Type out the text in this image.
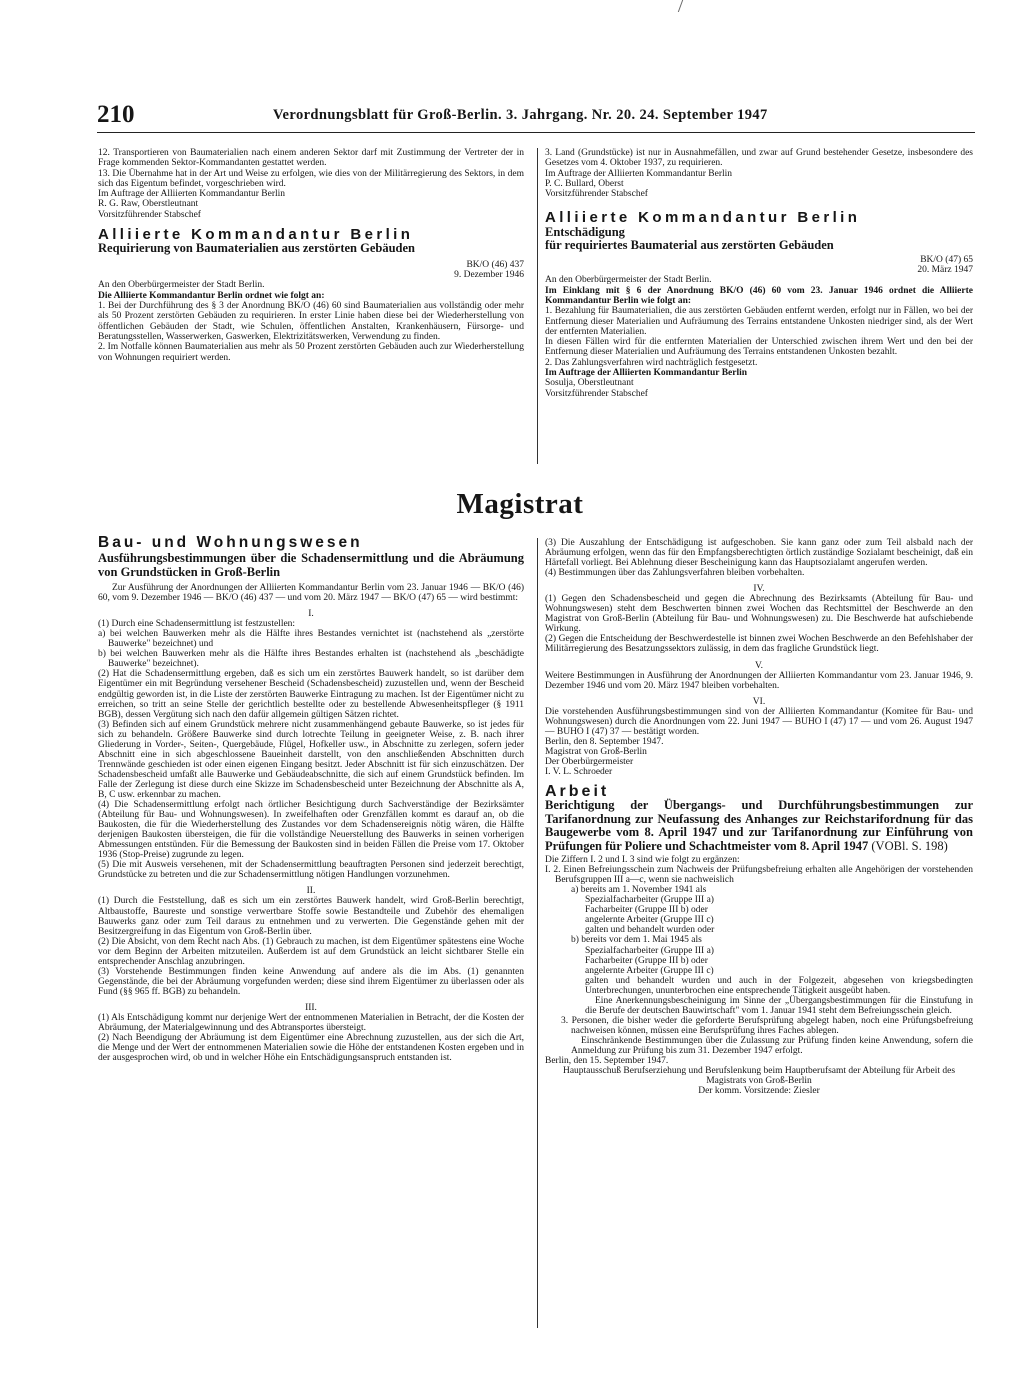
210	Verordnungsblatt für Groß-Berlin. 3. Jahrgang. Nr. 20. 24. September 1947

12. Transportieren von Baumaterialien nach einem anderen Sektor darf mit Zustimmung der Vertreter der in Frage kommenden Sektor-Kommandanten gestattet werden.

13. Die Übernahme hat in der Art und Weise zu erfolgen, wie dies von der Militärregierung des Sektors, in dem sich das Eigentum befindet, vorgeschrieben wird.

Im Auftrage der Alliierten Kommandantur Berlin

R. G. Raw, Oberstleutnant

Vorsitzführender Stabschef

Alliierte Kommandantur Berlin

Requirierung von Baumaterialien aus zerstörten Gebäuden

BK/O (46) 437

9. Dezember 1946

An den Oberbürgermeister der Stadt Berlin.

Die Alliierte Kommandantur Berlin ordnet wie folgt an:

1. Bei der Durchführung des § 3 der Anordnung BK/O (46) 60 sind Baumaterialien aus vollständig oder mehr als 50 Prozent zerstörten Gebäuden zu requirieren. In erster Linie haben diese bei der Wiederherstellung von öffentlichen Gebäuden der Stadt, wie Schulen, öffentlichen Anstalten, Krankenhäusern, Fürsorge- und Beratungsstellen, Wasserwerken, Gaswerken, Elektrizitätswerken, Verwendung zu finden.

2. Im Notfalle können Baumaterialien aus mehr als 50 Prozent zerstörten Gebäuden auch zur Wiederherstellung von Wohnungen requiriert werden.

3. Land (Grundstücke) ist nur in Ausnahmefällen, und zwar auf Grund bestehender Gesetze, insbesondere des Gesetzes vom 4. Oktober 1937, zu requirieren.

Im Auftrage der Alliierten Kommandantur Berlin

P. C. Bullard, Oberst

Vorsitzführender Stabschef

Alliierte Kommandantur Berlin

Entschädigung

für requiriertes Baumaterial aus zerstörten Gebäuden

BK/O (47) 65

20. März 1947

An den Oberbürgermeister der Stadt Berlin.

Im Einklang mit § 6 der Anordnung BK/O (46) 60 vom 23. Januar 1946 ordnet die Alliierte Kommandantur Berlin wie folgt an:

1. Bezahlung für Baumaterialien, die aus zerstörten Gebäuden entfernt werden, erfolgt nur in Fällen, wo bei der Entfernung dieser Materialien und Aufräumung des Terrains entstandene Unkosten niedriger sind, als der Wert der entfernten Materialien.

In diesen Fällen wird für die entfernten Materialien der Unterschied zwischen ihrem Wert und den bei der Entfernung dieser Materialien und Aufräumung des Terrains entstandenen Unkosten bezahlt.

2. Das Zahlungsverfahren wird nachträglich festgesetzt.

Im Auftrage der Alliierten Kommandantur Berlin

Sosulja, Oberstleutnant

Vorsitzführender Stabschef

Magistrat

Bau- und Wohnungswesen

Ausführungsbestimmungen über die Schadensermittlung und die Abräumung von Grundstücken in Groß-Berlin

Zur Ausführung der Anordnungen der Alliierten Kommandantur Berlin vom 23. Januar 1946 — BK/O (46) 60, vom 9. Dezember 1946 — BK/O (46) 437 — und vom 20. März 1947 — BK/O (47) 65 — wird bestimmt:

I.

(1) Durch eine Schadensermittlung ist festzustellen:

a) bei welchen Bauwerken mehr als die Hälfte ihres Bestandes vernichtet ist (nachstehend als „zerstörte Bauwerke" bezeichnet) und

b) bei welchen Bauwerken mehr als die Hälfte ihres Bestandes erhalten ist (nachstehend als „beschädigte Bauwerke" bezeichnet).

(2) Hat die Schadensermittlung ergeben, daß es sich um ein zerstörtes Bauwerk handelt, so ist darüber dem Eigentümer ein mit Begründung versehener Bescheid (Schadensbescheid) zuzustellen und, wenn der Bescheid endgültig geworden ist, in die Liste der zerstörten Bauwerke Eintragung zu machen. Ist der Eigentümer nicht zu erreichen, so tritt an seine Stelle der gerichtlich bestellte oder zu bestellende Abwesenheitspfleger (§ 1911 BGB), dessen Vergütung sich nach den dafür allgemein gültigen Sätzen richtet.

(3) Befinden sich auf einem Grundstück mehrere nicht zusammenhängend gebaute Bauwerke, so ist jedes für sich zu behandeln. Größere Bauwerke sind durch lotrechte Teilung in geeigneter Weise, z. B. nach ihrer Gliederung in Vorder-, Seiten-, Quergebäude, Flügel, Hofkeller usw., in Abschnitte zu zerlegen, sofern jeder Abschnitt eine in sich abgeschlossene Baueinheit darstellt, von den anschließenden Abschnitten durch Trennwände geschieden ist oder einen eigenen Eingang besitzt. Jeder Abschnitt ist für sich einzuschätzen. Der Schadensbescheid umfaßt alle Bauwerke und Gebäudeabschnitte, die sich auf einem Grundstück befinden. Im Falle der Zerlegung ist diese durch eine Skizze im Schadensbescheid unter Bezeichnung der Abschnitte als A, B, C usw. erkennbar zu machen.

(4) Die Schadensermittlung erfolgt nach örtlicher Besichtigung durch Sachverständige der Bezirksämter (Abteilung für Bau- und Wohnungswesen). In zweifelhaften oder Grenzfällen kommt es darauf an, ob die Baukosten, die für die Wiederherstellung des Zustandes vor dem Schadensereignis nötig wären, die Hälfte derjenigen Baukosten übersteigen, die für die vollständige Neuerstellung des Bauwerks in seinen vorherigen Abmessungen entstünden. Für die Bemessung der Baukosten sind in beiden Fällen die Preise vom 17. Oktober 1936 (Stop-Preise) zugrunde zu legen.

(5) Die mit Ausweis versehenen, mit der Schadensermittlung beauftragten Personen sind jederzeit berechtigt, Grundstücke zu betreten und die zur Schadensermittlung nötigen Handlungen vorzunehmen.

II.

(1) Durch die Feststellung, daß es sich um ein zerstörtes Bauwerk handelt, wird Groß-Berlin berechtigt, Altbaustoffe, Baureste und sonstige verwertbare Stoffe sowie Bestandteile und Zubehör des ehemaligen Bauwerks ganz oder zum Teil daraus zu entnehmen und zu verwerten. Die Gegenstände gehen mit der Besitzergreifung in das Eigentum von Groß-Berlin über.

(2) Die Absicht, von dem Recht nach Abs. (1) Gebrauch zu machen, ist dem Eigentümer spätestens eine Woche vor dem Beginn der Arbeiten mitzuteilen. Außerdem ist auf dem Grundstück an leicht sichtbarer Stelle ein entsprechender Anschlag anzubringen.

(3) Vorstehende Bestimmungen finden keine Anwendung auf andere als die im Abs. (1) genannten Gegenstände, die bei der Abräumung vorgefunden werden; diese sind ihrem Eigentümer zu überlassen oder als Fund (§§ 965 ff. BGB) zu behandeln.

III.

(1) Als Entschädigung kommt nur derjenige Wert der entnommenen Materialien in Betracht, der die Kosten der Abräumung, der Materialgewinnung und des Abtransportes übersteigt.

(2) Nach Beendigung der Abräumung ist dem Eigentümer eine Abrechnung zuzustellen, aus der sich die Art, die Menge und der Wert der entnommenen Materialien sowie die Höhe der entstandenen Kosten ergeben und in der ausgesprochen wird, ob und in welcher Höhe ein Entschädigungsanspruch entstanden ist.

(3) Die Auszahlung der Entschädigung ist aufgeschoben. Sie kann ganz oder zum Teil alsbald nach der Abräumung erfolgen, wenn das für den Empfangsberechtigten örtlich zuständige Sozialamt bescheinigt, daß ein Härtefall vorliegt. Bei Ablehnung dieser Bescheinigung kann das Hauptsozialamt angerufen werden.

(4) Bestimmungen über das Zahlungsverfahren bleiben vorbehalten.

IV.

(1) Gegen den Schadensbescheid und gegen die Abrechnung des Bezirksamts (Abteilung für Bau- und Wohnungswesen) steht dem Beschwerten binnen zwei Wochen das Rechtsmittel der Beschwerde an den Magistrat von Groß-Berlin (Abteilung für Bau- und Wohnungswesen) zu. Die Beschwerde hat aufschiebende Wirkung.

(2) Gegen die Entscheidung der Beschwerdestelle ist binnen zwei Wochen Beschwerde an den Befehlshaber der Militärregierung des Besatzungssektors zulässig, in dem das fragliche Grundstück liegt.

V.

Weitere Bestimmungen in Ausführung der Anordnungen der Alliierten Kommandantur vom 23. Januar 1946, 9. Dezember 1946 und vom 20. März 1947 bleiben vorbehalten.

VI.

Die vorstehenden Ausführungsbestimmungen sind von der Alliierten Kommandantur (Komitee für Bau- und Wohnungswesen) durch die Anordnungen vom 22. Juni 1947 — BUHO I (47) 17 — und vom 26. August 1947 — BUHO I (47) 37 — bestätigt worden.

Berlin, den 8. September 1947.

Magistrat von Groß-Berlin

Der Oberbürgermeister

I. V. L. Schroeder

Arbeit

Berichtigung der Übergangs- und Durchführungsbestimmungen zur Tarifanordnung zur Neufassung des Anhanges zur Reichstarifordnung für das Baugewerbe vom 8. April 1947 und zur Tarifanordnung zur Einführung von Prüfungen für Poliere und Schachtmeister vom 8. April 1947 (VOBl. S. 198)

Die Ziffern I. 2 und I. 3 sind wie folgt zu ergänzen:

I. 2. Einen Befreiungsschein zum Nachweis der Prüfungsbefreiung erhalten alle Angehörigen der vorstehenden Berufsgruppen III a—c, wenn sie nachweislich

a) bereits am 1. November 1941 als

Spezialfacharbeiter (Gruppe III a)

Facharbeiter (Gruppe III b) oder

angelernte Arbeiter (Gruppe III c)

galten und behandelt wurden oder

b) bereits vor dem 1. Mai 1945 als

Spezialfacharbeiter (Gruppe III a)

Facharbeiter (Gruppe III b) oder

angelernte Arbeiter (Gruppe III c)

galten und behandelt wurden und auch in der Folgezeit, abgesehen von kriegsbedingten Unterbrechungen, ununterbrochen eine entsprechende Tätigkeit ausgeübt haben.

Eine Anerkennungsbescheinigung im Sinne der „Übergangsbestimmungen für die Einstufung in die Berufe der deutschen Bauwirtschaft" vom 1. Januar 1941 steht dem Befreiungsschein gleich.

3. Personen, die bisher weder die geforderte Berufsprüfung abgelegt haben, noch eine Prüfungsbefreiung nachweisen können, müssen eine Berufsprüfung ihres Faches ablegen.

Einschränkende Bestimmungen über die Zulassung zur Prüfung finden keine Anwendung, sofern die Anmeldung zur Prüfung bis zum 31. Dezember 1947 erfolgt.

Berlin, den 15. September 1947.

Hauptausschuß Berufserziehung und Berufslenkung beim Hauptberufsamt der Abteilung für Arbeit des Magistrats von Groß-Berlin

Der komm. Vorsitzende: Ziesler
